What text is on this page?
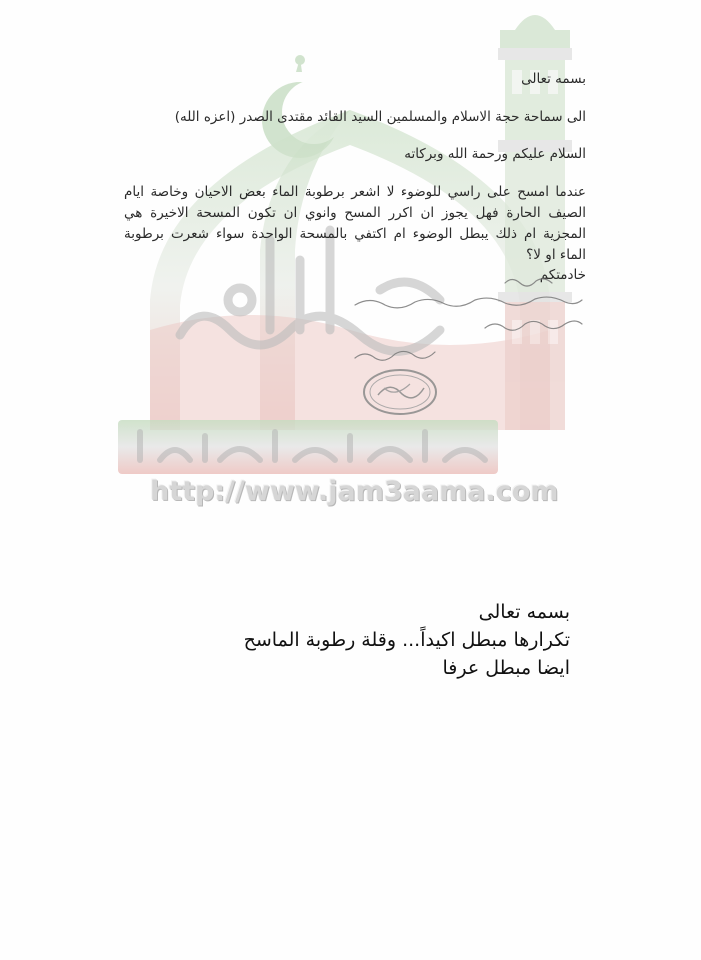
http://www.jam3aama.com
بسمه تعالى
الى سماحة حجة الاسلام والمسلمين السيد القائد مقتدى الصدر (اعزه الله)
السلام عليكم ورحمة الله وبركاته
عندما امسح على راسي للوضوء لا اشعر برطوبة الماء بعض الاحيان وخاصة ايام الصيف الحارة فهل يجوز ان اكرر المسح وانوي ان تكون المسحة الاخيرة هي المجزية ام ذلك يبطل الوضوء ام اكتفي بالمسحة الواحدة سواء شعرت برطوبة الماء او لا؟
خادمتكم
بسمه تعالى
تكرارها مبطل اكيداً... وقلة رطوبة الماسح
ايضا مبطل عرفا
